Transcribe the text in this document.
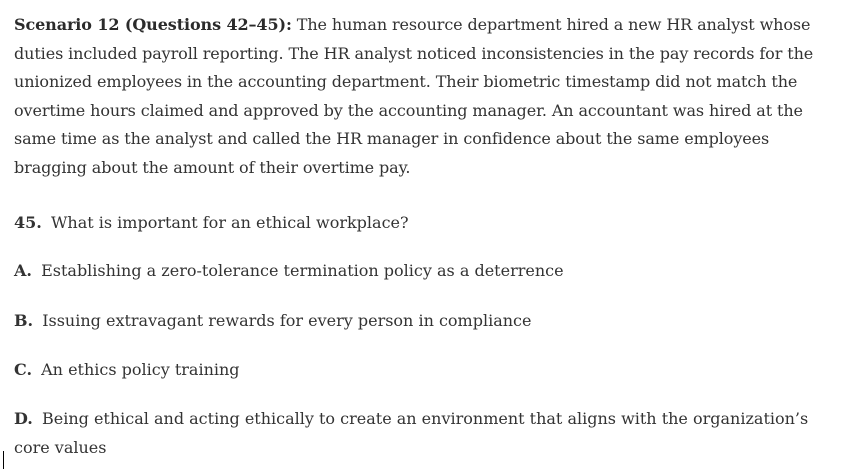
Scenario 12 (Questions 42–45): The human resource department hired a new HR analyst whose duties included payroll reporting. The HR analyst noticed inconsistencies in the pay records for the unionized employees in the accounting department. Their biometric timestamp did not match the overtime hours claimed and approved by the accounting manager. An accountant was hired at the same time as the analyst and called the HR manager in confidence about the same employees bragging about the amount of their overtime pay.

45. What is important for an ethical workplace?

A. Establishing a zero-tolerance termination policy as a deterrence

B. Issuing extravagant rewards for every person in compliance

C. An ethics policy training

D. Being ethical and acting ethically to create an environment that aligns with the organization’s core values
